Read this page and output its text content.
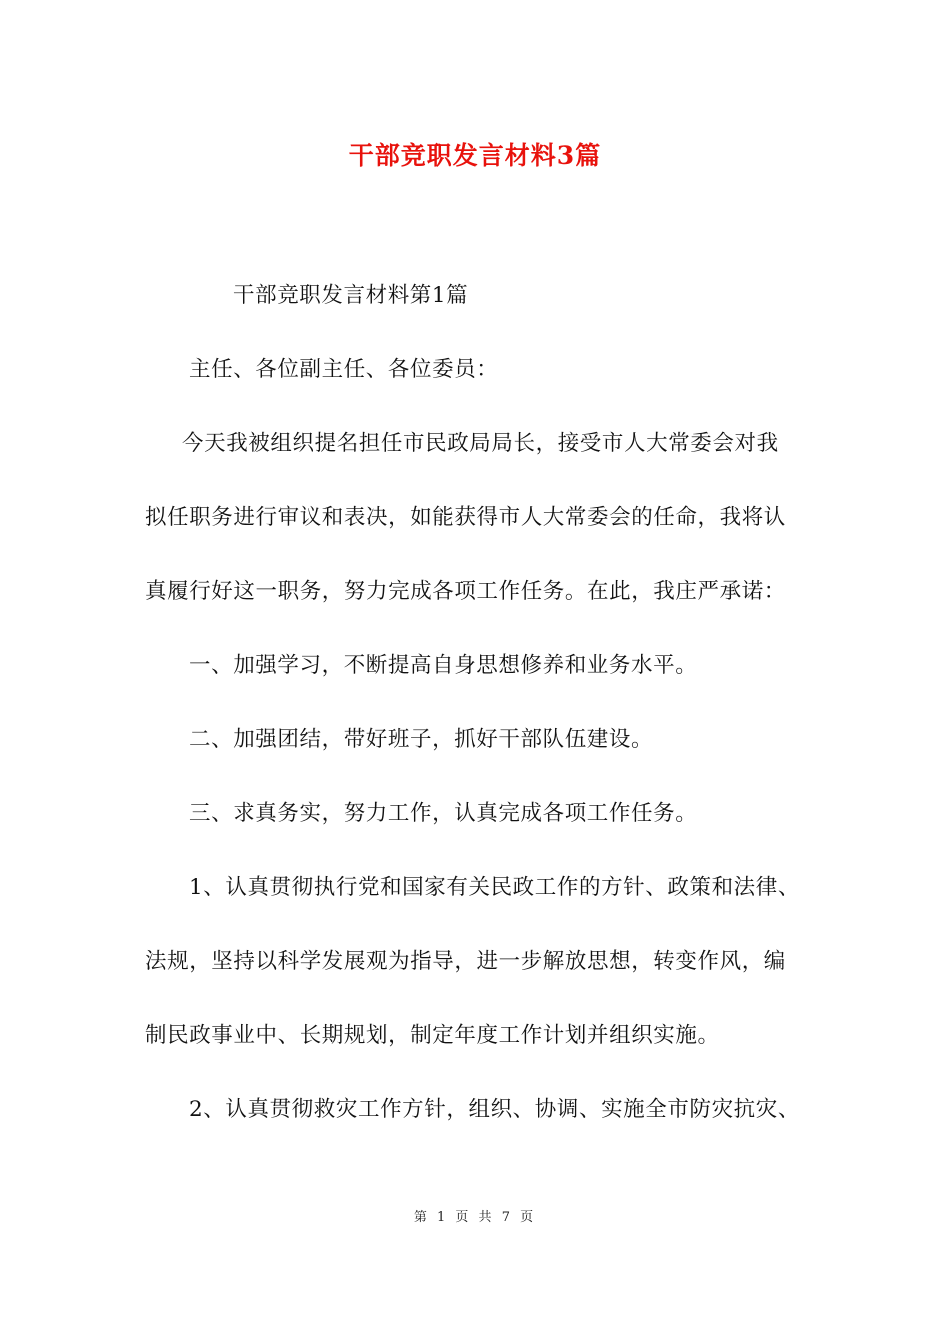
干部竞职发言材料3篇
干部竞职发言材料第1篇
主任、各位副主任、各位委员：
今天我被组织提名担任市民政局局长，接受市人大常委会对我
拟任职务进行审议和表决，如能获得市人大常委会的任命，我将认
真履行好这一职务，努力完成各项工作任务。在此，我庄严承诺：
一、加强学习，不断提高自身思想修养和业务水平。
二、加强团结，带好班子，抓好干部队伍建设。
三、求真务实，努力工作，认真完成各项工作任务。
1、认真贯彻执行党和国家有关民政工作的方针、政策和法律、
法规，坚持以科学发展观为指导，进一步解放思想，转变作风，编
制民政事业中、长期规划，制定年度工作计划并组织实施。
2、认真贯彻救灾工作方针，组织、协调、实施全市防灾抗灾、
第 1 页 共 7 页
